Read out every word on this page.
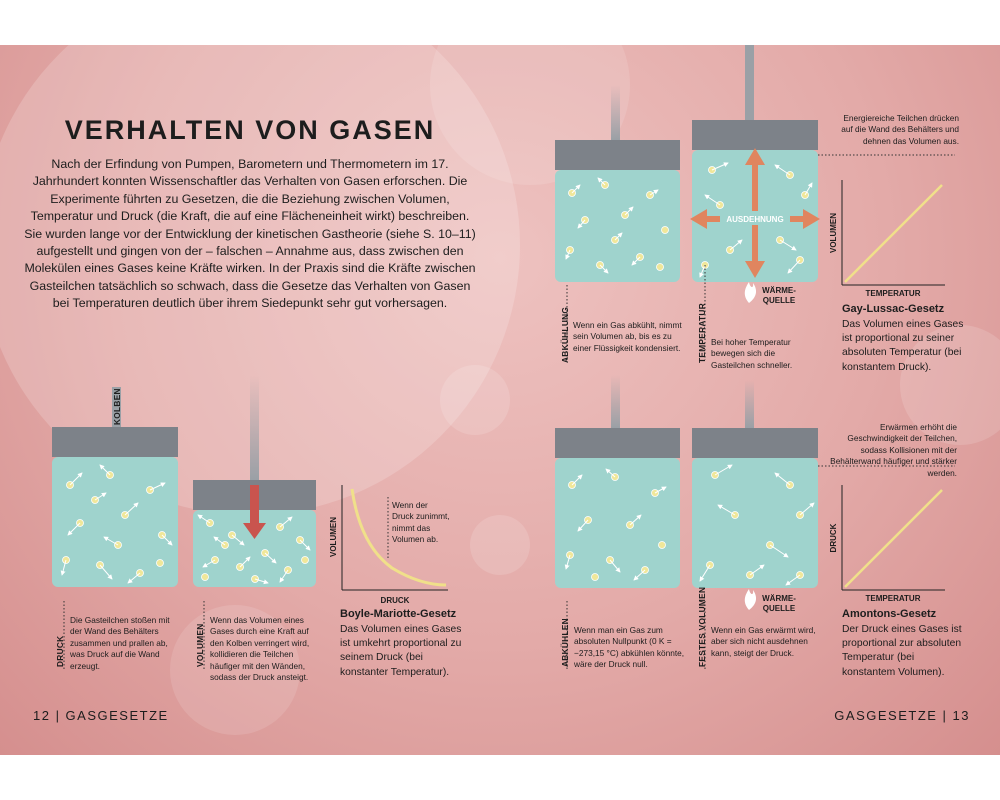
VERHALTEN VON GASEN

Nach der Erfindung von Pumpen, Barometern und Thermometern im 17. Jahrhundert konnten Wissenschaftler das Verhalten von Gasen erforschen. Die Experimente führten zu Gesetzen, die die Beziehung zwischen Volumen, Temperatur und Druck (die Kraft, die auf eine Flächeneinheit wirkt) beschreiben. Sie wurden lange vor der Entwicklung der kinetischen Gastheorie (siehe S. 10–11) aufgestellt und gingen von der – falschen – Annahme aus, dass zwischen den Molekülen eines Gases keine Kräfte wirken. In der Praxis sind die Kräfte zwischen Gasteilchen tatsächlich so schwach, dass die Gesetze das Verhalten von Gasen bei Temperaturen deutlich über ihrem Siedepunkt sehr gut vorhersagen.

DRUCK
VOLUMEN
KOLBEN
DRUCK

Die Gasteilchen stoßen mit der Wand des Behälters zusammen und prallen ab, was Druck auf die Wand erzeugt.	VOLUMEN

Wenn das Volumen eines Gases durch eine Kraft auf den Kolben verringert wird, kollidieren die Teilchen häufiger mit den Wänden, sodass der Druck ansteigt.

Wenn der Druck zunimmt, nimmt das Volumen ab.

Boyle-Mariotte-Gesetz

Das Volumen eines Gases ist umkehrt proportional zu seinem Druck (bei konstanter Temperatur).

AUSDEHNUNG
WÄRME-
QUELLE
TEMPERATUR
VOLUMEN
WÄRME-
QUELLE
TEMPERATUR
DRUCK
ABKÜHLUNG Wenn ein Gas abkühlt, nimmt sein Volumen ab, bis es zu einer Flüssigkeit kondensiert.	TEMPERATUR Bei hoher Temperatur bewegen sich die Gasteilchen schneller.

Energiereiche Teilchen drücken auf die Wand des Behälters und dehnen das Volumen aus.

Gay-Lussac-Gesetz

Das Volumen eines Gases ist proportional zu seiner absoluten Temperatur (bei konstantem Druck).

ABKÜHLEN Wenn man ein Gas zum absoluten Nullpunkt (0 K = −273,15 °C) abkühlen könnte, wäre der Druck null.	FESTES VOLUMEN Wenn ein Gas erwärmt wird, aber sich nicht ausdehnen kann, steigt der Druck.

Erwärmen erhöht die Geschwindigkeit der Teilchen, sodass Kollisionen mit der Behälterwand häufiger und stärker werden.

Amontons-Gesetz

Der Druck eines Gases ist proportional zur absoluten Temperatur (bei konstantem Volumen).

12 | GASGESETZE	GASGESETZE | 13
